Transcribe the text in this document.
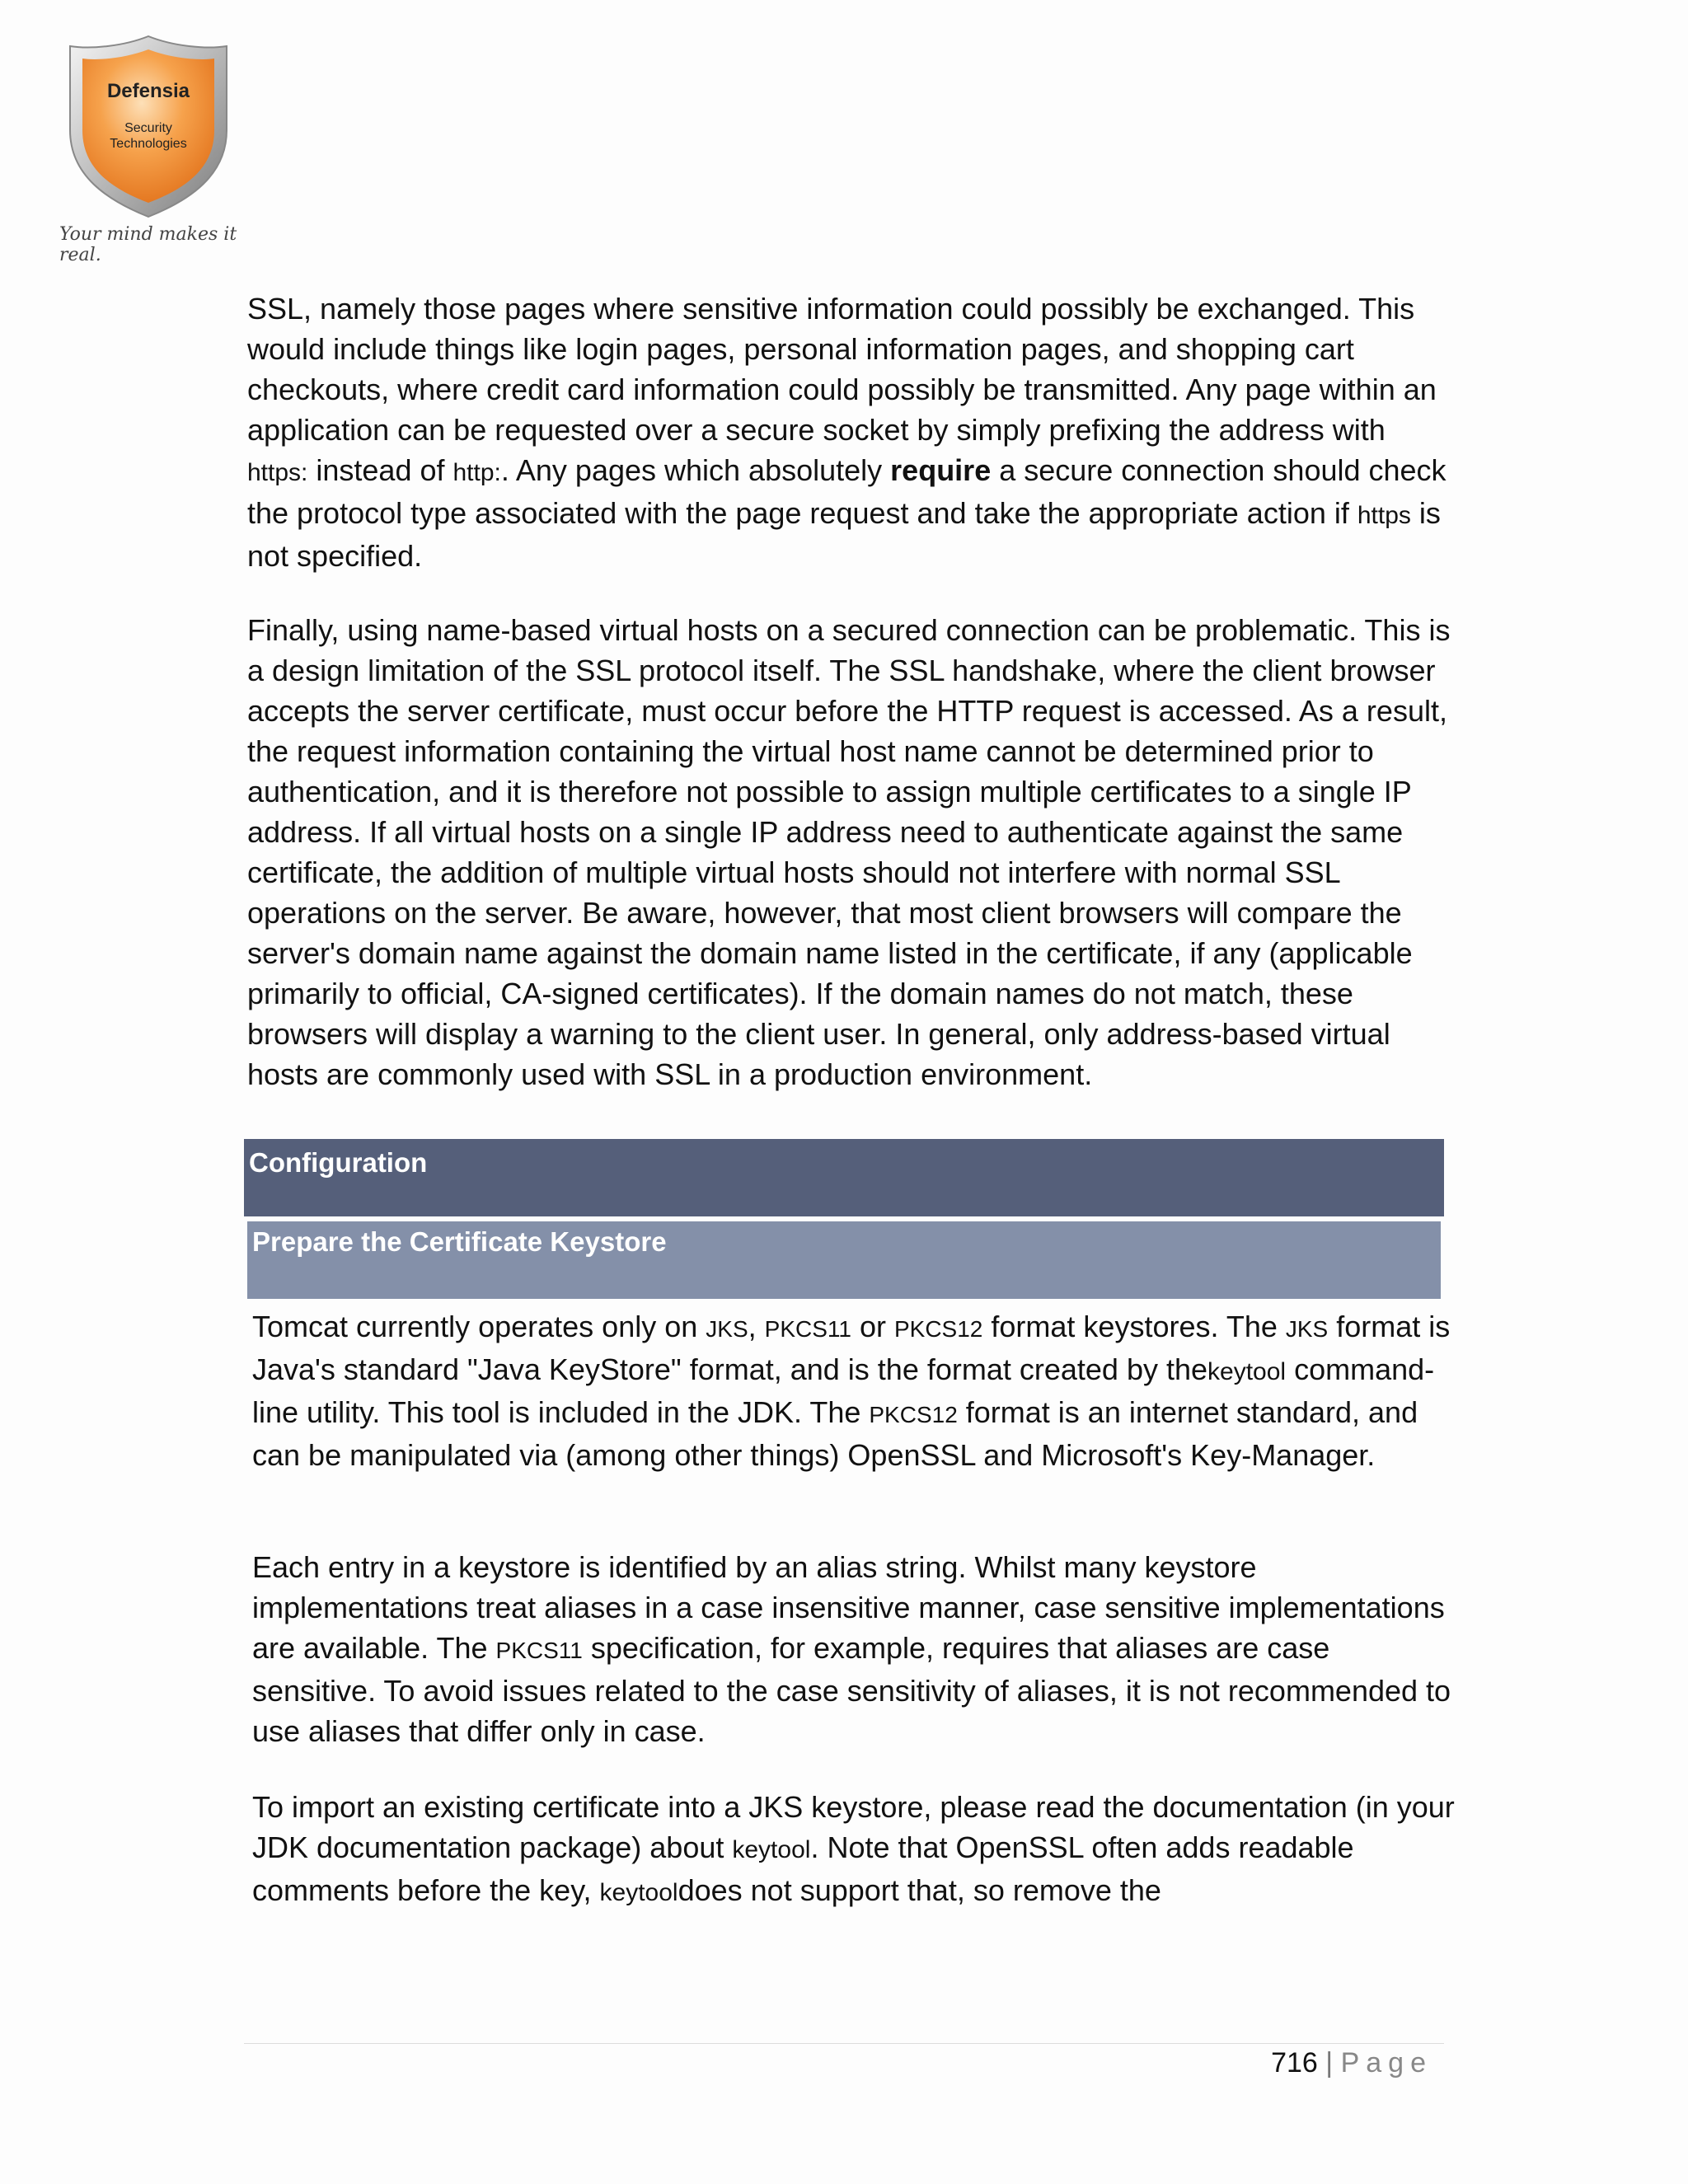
Defensia
Security
Technologies
Your mind makes it real.

SSL, namely those pages where sensitive information could possibly be exchanged. This would include things like login pages, personal information pages, and shopping cart checkouts, where credit card information could possibly be transmitted. Any page within an application can be requested over a secure socket by simply prefixing the address with https: instead of http:. Any pages which absolutely require a secure connection should check the protocol type associated with the page request and take the appropriate action if https is not specified.

Finally, using name-based virtual hosts on a secured connection can be problematic. This is a design limitation of the SSL protocol itself. The SSL handshake, where the client browser accepts the server certificate, must occur before the HTTP request is accessed. As a result, the request information containing the virtual host name cannot be determined prior to authentication, and it is therefore not possible to assign multiple certificates to a single IP address. If all virtual hosts on a single IP address need to authenticate against the same certificate, the addition of multiple virtual hosts should not interfere with normal SSL operations on the server. Be aware, however, that most client browsers will compare the server's domain name against the domain name listed in the certificate, if any (applicable primarily to official, CA-signed certificates). If the domain names do not match, these browsers will display a warning to the client user. In general, only address-based virtual hosts are commonly used with SSL in a production environment.

Configuration
Prepare the Certificate Keystore

Tomcat currently operates only on JKS, PKCS11 or PKCS12 format keystores. The JKS format is Java's standard "Java KeyStore" format, and is the format created by thekeytool command-line utility. This tool is included in the JDK. The PKCS12 format is an internet standard, and can be manipulated via (among other things) OpenSSL and Microsoft's Key-Manager.

Each entry in a keystore is identified by an alias string. Whilst many keystore implementations treat aliases in a case insensitive manner, case sensitive implementations are available. The PKCS11 specification, for example, requires that aliases are case sensitive. To avoid issues related to the case sensitivity of aliases, it is not recommended to use aliases that differ only in case.

To import an existing certificate into a JKS keystore, please read the documentation (in your JDK documentation package) about keytool. Note that OpenSSL often adds readable comments before the key, keytooldoes not support that, so remove the

716 | Page
